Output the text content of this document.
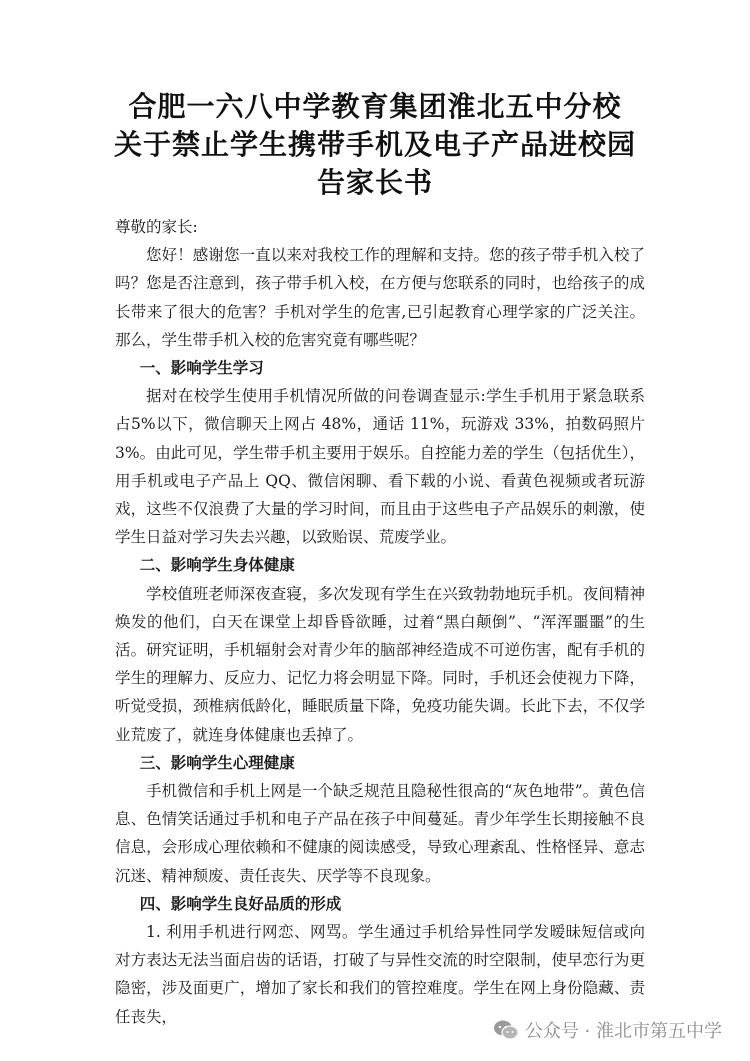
合肥一六八中学教育集团淮北五中分校
关于禁止学生携带手机及电子产品进校园
告家长书

尊敬的家长:

您好！感谢您一直以来对我校工作的理解和支持。您的孩子带手机入校了吗？您是否注意到，孩子带手机入校，在方便与您联系的同时，也给孩子的成长带来了很大的危害？手机对学生的危害,已引起教育心理学家的广泛关注。那么，学生带手机入校的危害究竟有哪些呢？

一、影响学生学习

据对在校学生使用手机情况所做的问卷调查显示:学生手机用于紧急联系占5%以下，微信聊天上网占 48%，通话 11%，玩游戏 33%，拍数码照片 3%。由此可见，学生带手机主要用于娱乐。自控能力差的学生（包括优生），用手机或电子产品上 QQ、微信闲聊、看下载的小说、看黄色视频或者玩游戏，这些不仅浪费了大量的学习时间，而且由于这些电子产品娱乐的刺激，使学生日益对学习失去兴趣，以致贻误、荒废学业。

二、影响学生身体健康

学校值班老师深夜查寝，多次发现有学生在兴致勃勃地玩手机。夜间精神焕发的他们，白天在课堂上却昏昏欲睡，过着“黑白颠倒”、“浑浑噩噩”的生活。研究证明，手机辐射会对青少年的脑部神经造成不可逆伤害，配有手机的学生的理解力、反应力、记忆力将会明显下降。同时，手机还会使视力下降，听觉受损，颈椎病低龄化，睡眠质量下降，免疫功能失调。长此下去，不仅学业荒废了，就连身体健康也丢掉了。

三、影响学生心理健康

手机微信和手机上网是一个缺乏规范且隐秘性很高的“灰色地带”。黄色信息、色情笑话通过手机和电子产品在孩子中间蔓延。青少年学生长期接触不良信息，会形成心理依赖和不健康的阅读感受，导致心理紊乱、性格怪异、意志沉迷、精神颓废、责任丧失、厌学等不良现象。

四、影响学生良好品质的形成

1. 利用手机进行网恋、网骂。学生通过手机给异性同学发暧昧短信或向对方表达无法当面启齿的话语，打破了与异性交流的时空限制，使早恋行为更隐密，涉及面更广，增加了家长和我们的管控难度。学生在网上身份隐藏、责任丧失，

公众号 · 淮北市第五中学
